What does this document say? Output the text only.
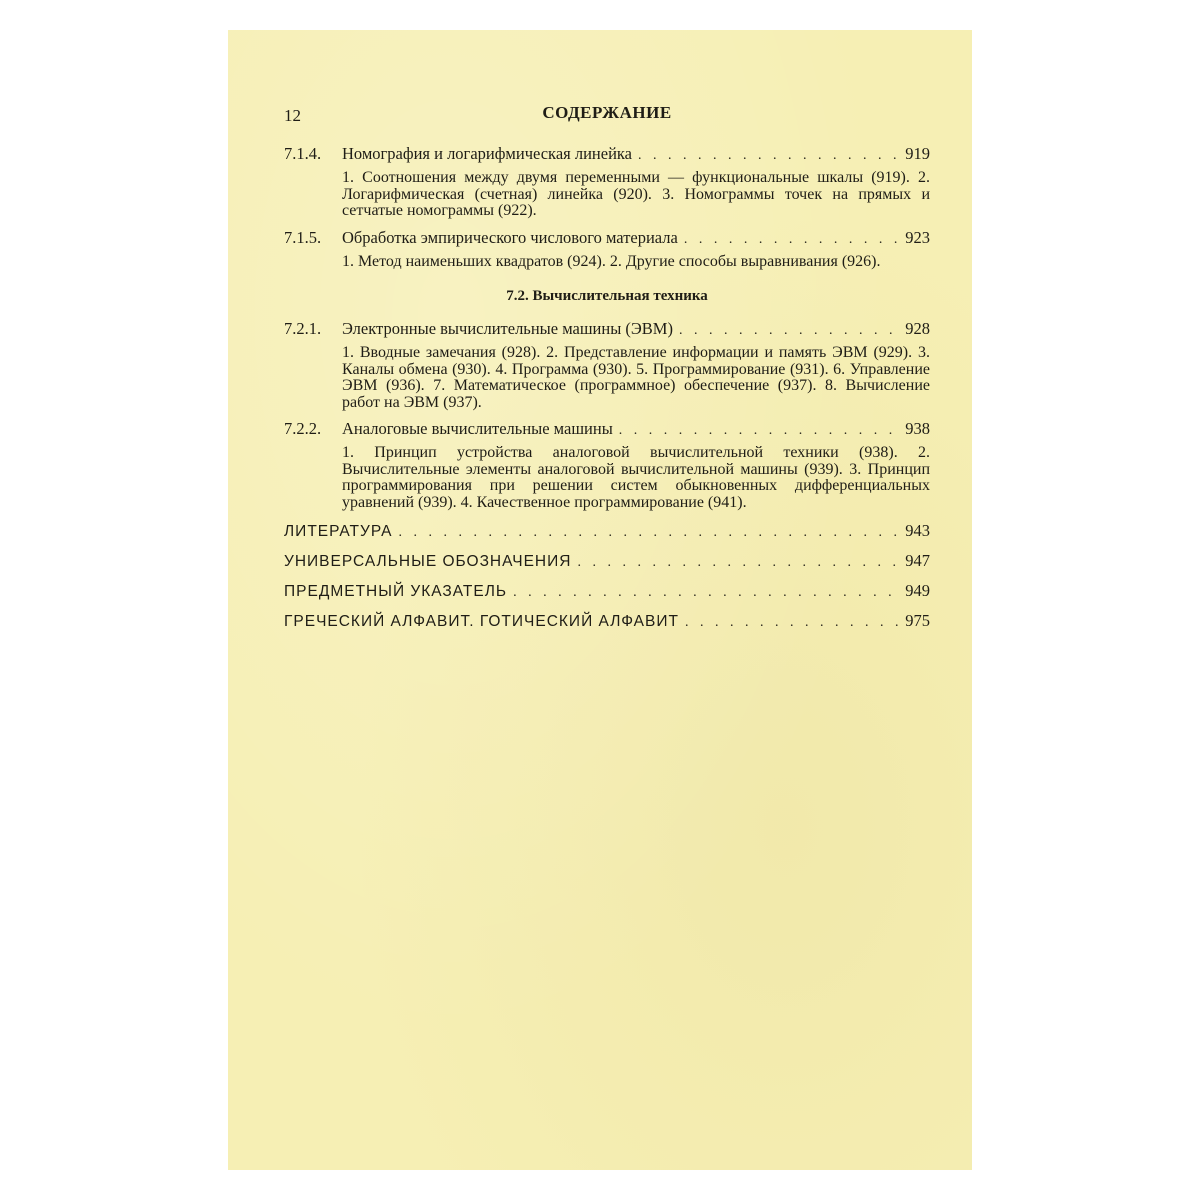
12	СОДЕРЖАНИЕ
7.1.4.	Номография и логарифмическая линейка . . .	919
1. Соотношения между двумя переменными — функциональные шкалы (919). 2. Логарифмическая (счетная) линейка (920). 3. Номограммы точек на прямых и сетчатые номограммы (922).
7.1.5.	Обработка эмпирического числового материала . . .	923
1. Метод наименьших квадратов (924). 2. Другие способы выравнивания (926).
7.2. Вычислительная техника
7.2.1.	Электронные вычислительные машины (ЭВМ) . . .	928
1. Вводные замечания (928). 2. Представление информации и память ЭВМ (929). 3. Каналы обмена (930). 4. Программа (930). 5. Программирование (931). 6. Управление ЭВМ (936). 7. Математическое (программное) обеспечение (937). 8. Вычисление работ на ЭВМ (937).
7.2.2.	Аналоговые вычислительные машины . . .	938
1. Принцип устройства аналоговой вычислительной техники (938). 2. Вычислительные элементы аналоговой вычислительной машины (939). 3. Принцип программирования при решении систем обыкновенных дифференциальных уравнений (939). 4. Качественное программирование (941).
ЛИТЕРАТУРА . . .	943
УНИВЕРСАЛЬНЫЕ ОБОЗНАЧЕНИЯ . . .	947
ПРЕДМЕТНЫЙ УКАЗАТЕЛЬ . . .	949
ГРЕЧЕСКИЙ АЛФАВИТ. ГОТИЧЕСКИЙ АЛФАВИТ . . .	975
